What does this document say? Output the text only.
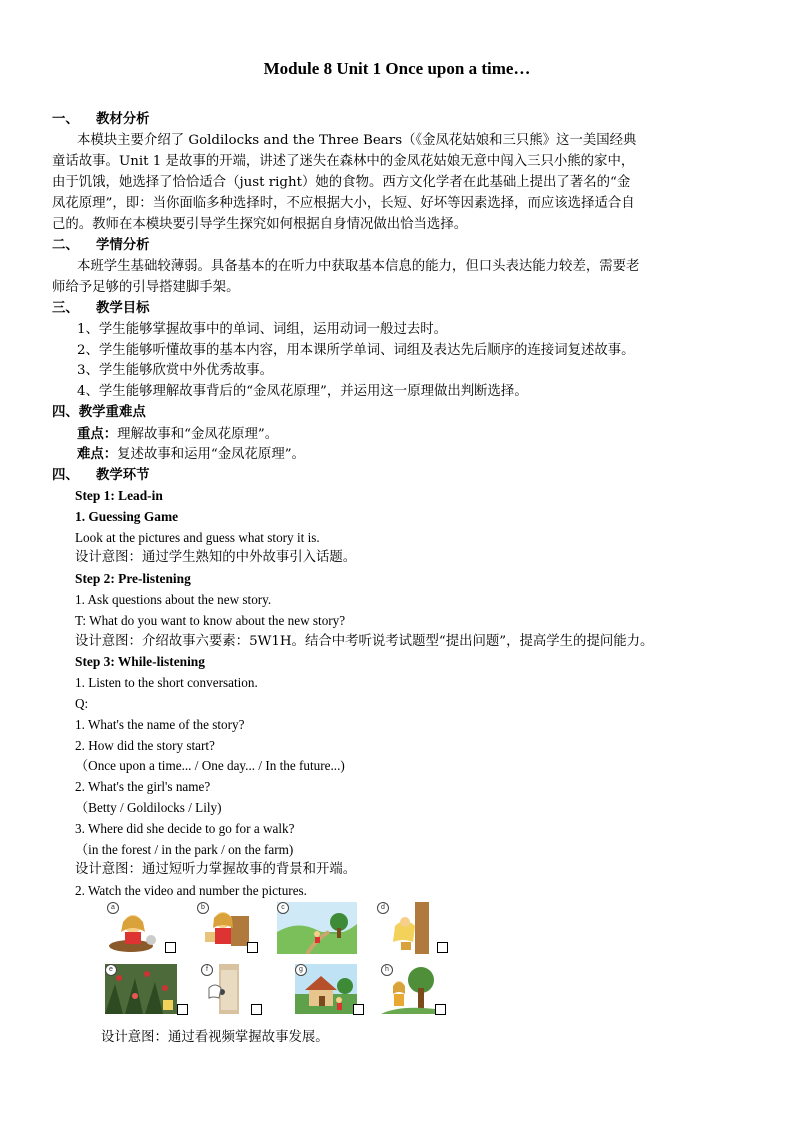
Module 8 Unit 1 Once upon a time…
一、 教材分析
本模块主要介绍了 Goldilocks and the Three Bears（《金凤花姑娘和三只熊》这一美国经典
童话故事。Unit 1 是故事的开端，讲述了迷失在森林中的金凤花姑娘无意中闯入三只小熊的家中，
由于饥饿，她选择了恰恰适合（just right）她的食物。西方文化学者在此基础上提出了著名的“金
凤花原理”，即：当你面临多种选择时，不应根据大小，长短、好坏等因素选择，而应该选择适合自
己的。教师在本模块要引导学生探究如何根据自身情况做出恰当选择。
二、 学情分析
本班学生基础较薄弱。具备基本的在听力中获取基本信息的能力，但口头表达能力较差，需要老
师给予足够的引导搭建脚手架。
三、 教学目标
1、学生能够掌握故事中的单词、词组，运用动词一般过去时。
2、学生能够听懂故事的基本内容，用本课所学单词、词组及表达先后顺序的连接词复述故事。
3、学生能够欣赏中外优秀故事。
4、学生能够理解故事背后的“金凤花原理”，并运用这一原理做出判断选择。
四、教学重难点
重点：理解故事和“金凤花原理”。
难点：复述故事和运用“金凤花原理”。
四、 教学环节
Step 1: Lead-in
1. Guessing Game
Look at the pictures and guess what story it is.
设计意图：通过学生熟知的中外故事引入话题。
Step 2: Pre-listening
1. Ask questions about the new story.
T: What do you want to know about the new story?
设计意图：介绍故事六要素：5W1H。结合中考听说考试题型“提出问题”，提高学生的提问能力。
Step 3: While-listening
1. Listen to the short conversation.
Q:
1. What's the name of the story?
2. How did the story start?
（Once upon a time... / One day... / In the future...)
2. What's the girl's name?
（Betty / Goldilocks / Lily)
3. Where did she decide to go for a walk?
（in the forest / in the park / on the farm)
设计意图：通过短听力掌握故事的背景和开端。
2. Watch the video and number the pictures.
a	b	c	d
e	f	g	h
设计意图：通过看视频掌握故事发展。
